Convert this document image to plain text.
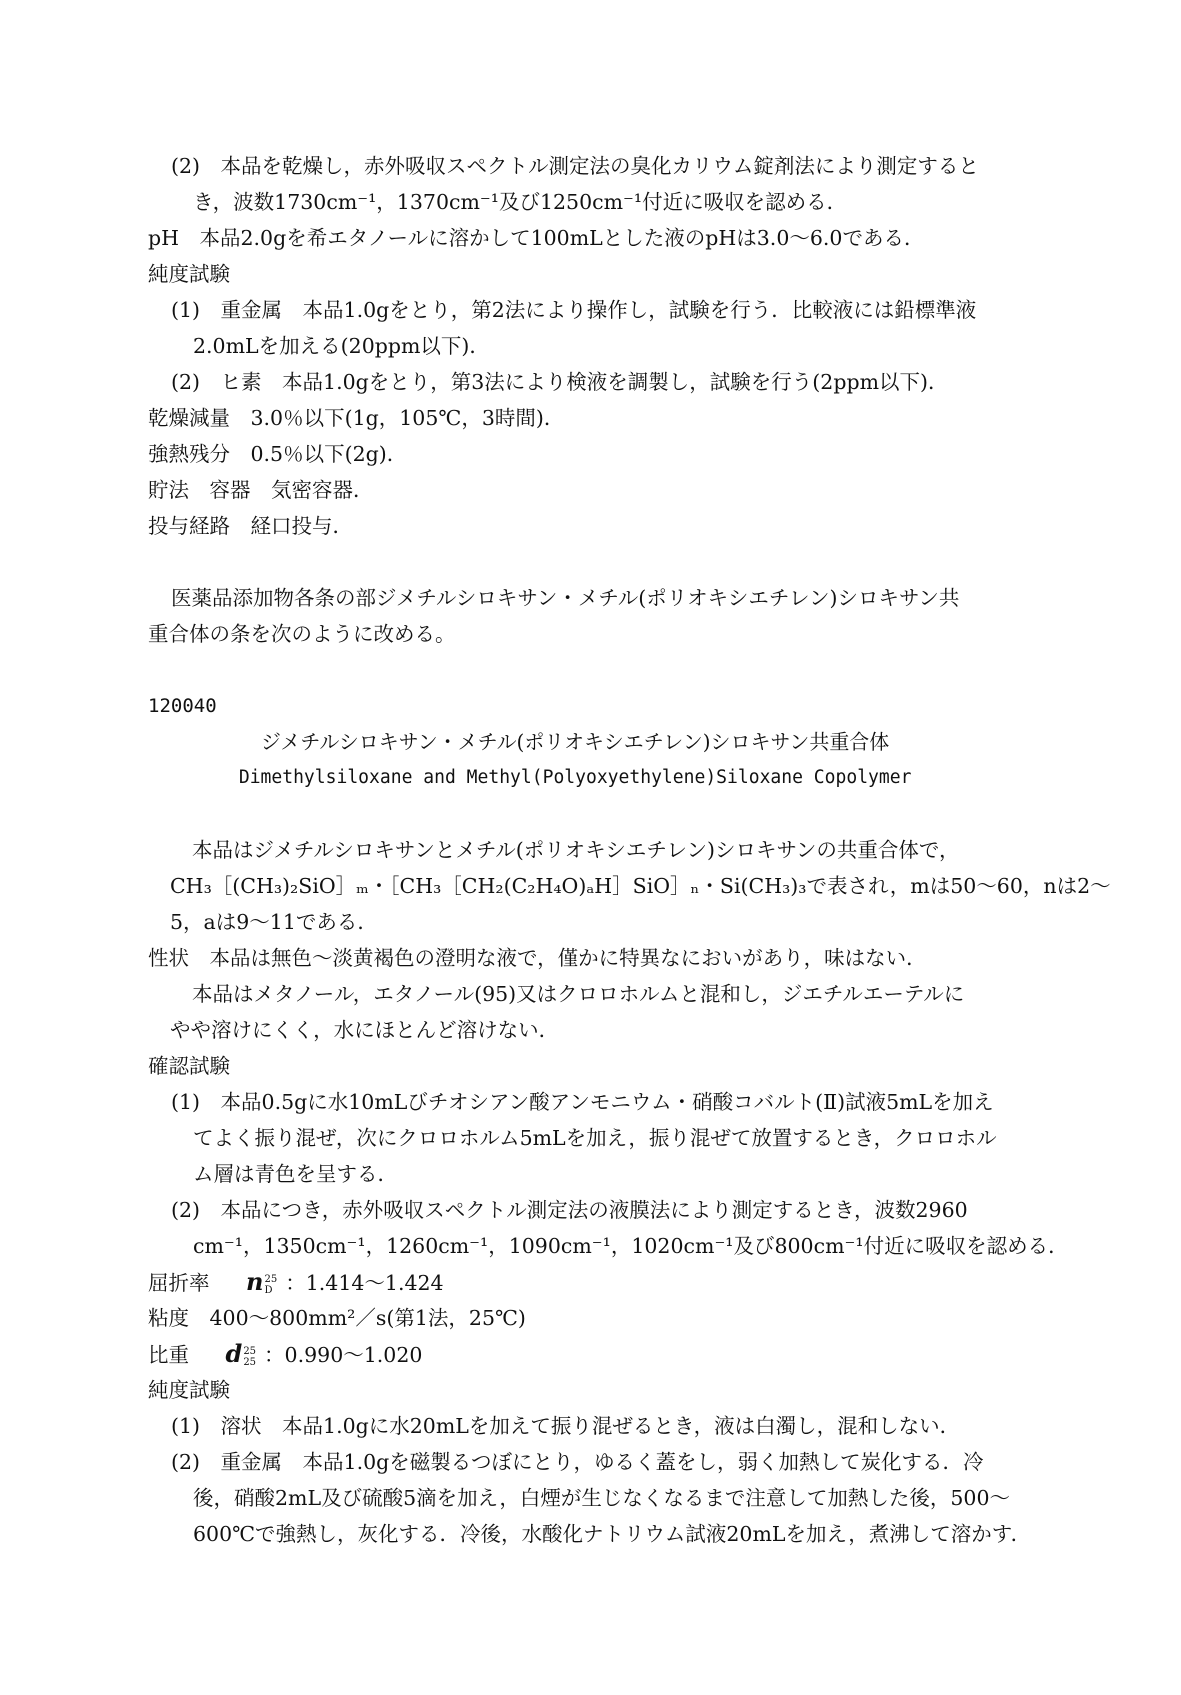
(2)　本品を乾燥し，赤外吸収スペクトル測定法の臭化カリウム錠剤法により測定すると
き，波数1730cm⁻¹，1370cm⁻¹及び1250cm⁻¹付近に吸収を認める．
pH　本品2.0gを希エタノールに溶かして100mLとした液のpHは3.0～6.0である．
純度試験
(1)　重金属　本品1.0gをとり，第2法により操作し，試験を行う．比較液には鉛標準液
2.0mLを加える(20ppm以下)．
(2)　ヒ素　本品1.0gをとり，第3法により検液を調製し，試験を行う(2ppm以下)．
乾燥減量　3.0％以下(1g，105℃，3時間)．
強熱残分　0.5％以下(2g)．
貯法　容器　気密容器．
投与経路　経口投与．
医薬品添加物各条の部ジメチルシロキサン・メチル(ポリオキシエチレン)シロキサン共
重合体の条を次のように改める。
120040
ジメチルシロキサン・メチル(ポリオキシエチレン)シロキサン共重合体
Dimethylsiloxane and Methyl(Polyoxyethylene)Siloxane Copolymer
本品はジメチルシロキサンとメチル(ポリオキシエチレン)シロキサンの共重合体で，
CH₃［(CH₃)₂SiO］ₘ・［CH₃［CH₂(C₂H₄O)ₐH］SiO］ₙ・Si(CH₃)₃で表され，mは50～60，nは2～
5，aは9～11である．
性状　本品は無色～淡黄褐色の澄明な液で，僅かに特異なにおいがあり，味はない．
本品はメタノール，エタノール(95)又はクロロホルムと混和し，ジエチルエーテルに
やや溶けにくく，水にほとんど溶けない．
確認試験
(1)　本品0.5gに水10mLびチオシアン酸アンモニウム・硝酸コバルト(Ⅱ)試液5mLを加え
てよく振り混ぜ，次にクロロホルム5mLを加え，振り混ぜて放置するとき，クロロホル
ム層は青色を呈する．
(2)　本品につき，赤外吸収スペクトル測定法の液膜法により測定するとき，波数2960
cm⁻¹，1350cm⁻¹，1260cm⁻¹，1090cm⁻¹，1020cm⁻¹及び800cm⁻¹付近に吸収を認める．
屈折率 n 25
D ：1.414～1.424
粘度　400～800mm²／s(第1法，25℃)
比重 d 25
25 ：0.990～1.020
純度試験
(1)　溶状　本品1.0gに水20mLを加えて振り混ぜるとき，液は白濁し，混和しない．
(2)　重金属　本品1.0gを磁製るつぼにとり，ゆるく蓋をし，弱く加熱して炭化する．冷
後，硝酸2mL及び硫酸5滴を加え，白煙が生じなくなるまで注意して加熱した後，500～
600℃で強熱し，灰化する．冷後，水酸化ナトリウム試液20mLを加え，煮沸して溶かす．
